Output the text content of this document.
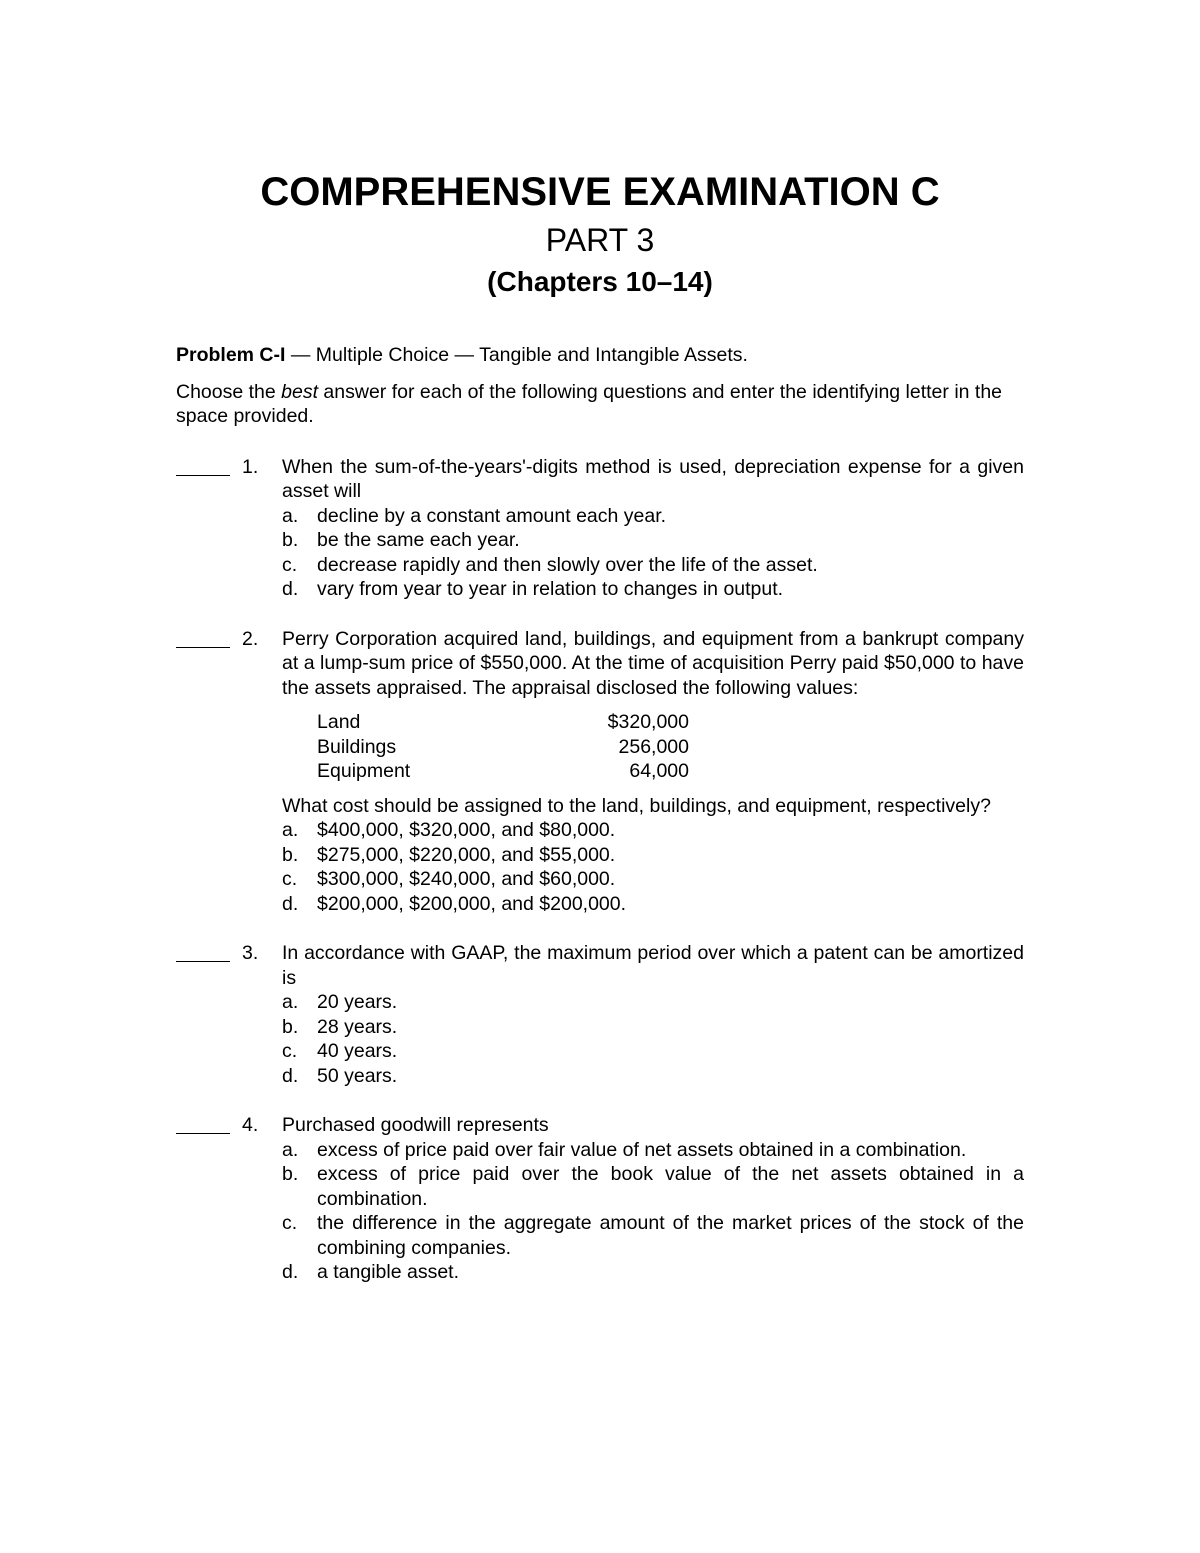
COMPREHENSIVE EXAMINATION C
PART 3
(Chapters 10–14)

Problem C-I — Multiple Choice — Tangible and Intangible Assets.

Choose the best answer for each of the following questions and enter the identifying letter in the space provided.

1.	When the sum-of-the-years'-digits method is used, depreciation expense for a given asset will
a. decline by a constant amount each year.
b. be the same each year.
c.	decrease rapidly and then slowly over the life of the asset.
d. vary from year to year in relation to changes in output.
2.	Perry Corporation acquired land, buildings, and equipment from a bankrupt company at a lump-sum price of $550,000. At the time of acquisition Perry paid $50,000 to have the assets appraised. The appraisal disclosed the following values:
Land	$320,000
Buildings	256,000
Equipment	64,000
What cost should be assigned to the land, buildings, and equipment, respectively?
a. $400,000, $320,000, and $80,000.
b. $275,000, $220,000, and $55,000.
c.	$300,000, $240,000, and $60,000.
d. $200,000, $200,000, and $200,000.
3.	In accordance with GAAP, the maximum period over which a patent can be amortized is
a. 20 years.
b. 28 years.
c.	40 years.
d. 50 years.
4.	Purchased goodwill represents
a. excess of price paid over fair value of net assets obtained in a combination.
b. excess of price paid over the book value of the net assets obtained in a combination.
c.	the difference in the aggregate amount of the market prices of the stock of the combining companies.
d. a tangible asset.
